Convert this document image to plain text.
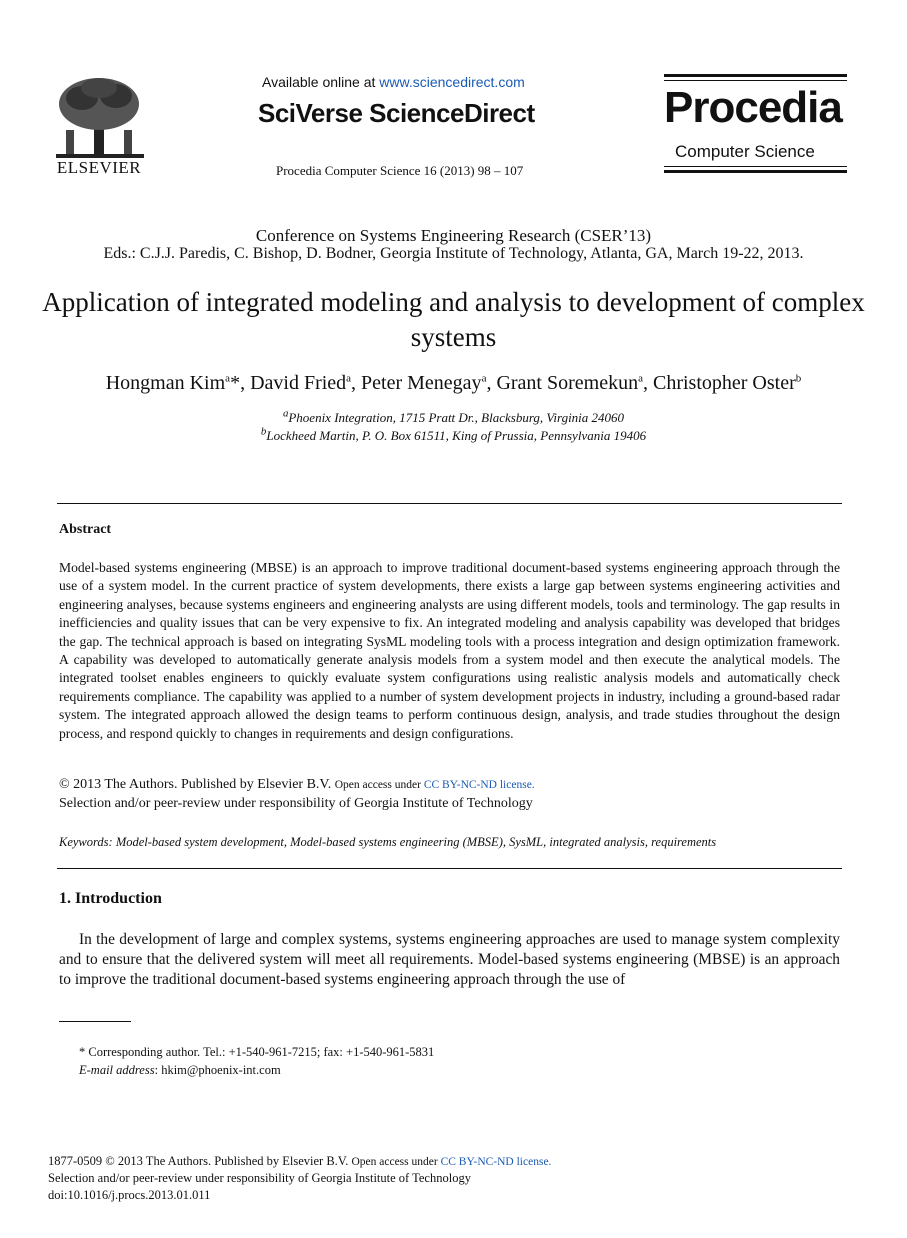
ELSEVIER
Available online at www.sciencedirect.com
SciVerse ScienceDirect
Procedia Computer Science 16 (2013) 98 – 107
Procedia
Computer Science
Conference on Systems Engineering Research (CSER’13)
Eds.: C.J.J. Paredis, C. Bishop, D. Bodner, Georgia Institute of Technology, Atlanta, GA, March 19-22, 2013.
Application of integrated modeling and analysis to development of complex systems
Hongman Kim$^a$*, David Fried$^a$, Peter Menegay$^a$, Grant Soremekun$^a$, Christopher Oster$^b$
$^a$Phoenix Integration, 1715 Pratt Dr., Blacksburg, Virginia 24060
$^b$Lockheed Martin, P. O. Box 61511, King of Prussia, Pennsylvania 19406
Abstract
Model-based systems engineering (MBSE) is an approach to improve traditional document-based systems engineering approach through the use of a system model. In the current practice of system developments, there exists a large gap between systems engineering activities and engineering analyses, because systems engineers and engineering analysts are using different models, tools and terminology. The gap results in inefficiencies and quality issues that can be very expensive to fix. An integrated modeling and analysis capability was developed that bridges the gap. The technical approach is based on integrating SysML modeling tools with a process integration and design optimization framework. A capability was developed to automatically generate analysis models from a system model and then execute the analytical models. The integrated toolset enables engineers to quickly evaluate system configurations using realistic analysis models and automatically check requirements compliance. The capability was applied to a number of system development projects in industry, including a ground-based radar system. The integrated approach allowed the design teams to perform continuous design, analysis, and trade studies throughout the design process, and respond quickly to changes in requirements and design configurations.
© 2013 The Authors. Published by Elsevier B.V. Open access under CC BY-NC-ND license.
Selection and/or peer-review under responsibility of Georgia Institute of Technology
Keywords: Model-based system development, Model-based systems engineering (MBSE), SysML, integrated analysis, requirements
1. Introduction
In the development of large and complex systems, systems engineering approaches are used to manage system complexity and to ensure that the delivered system will meet all requirements. Model-based systems engineering (MBSE) is an approach to improve the traditional document-based systems engineering approach through the use of
* Corresponding author. Tel.: +1-540-961-7215; fax: +1-540-961-5831
E-mail address: hkim@phoenix-int.com
1877-0509 © 2013 The Authors. Published by Elsevier B.V. Open access under CC BY-NC-ND license.
Selection and/or peer-review under responsibility of Georgia Institute of Technology
doi:10.1016/j.procs.2013.01.011
